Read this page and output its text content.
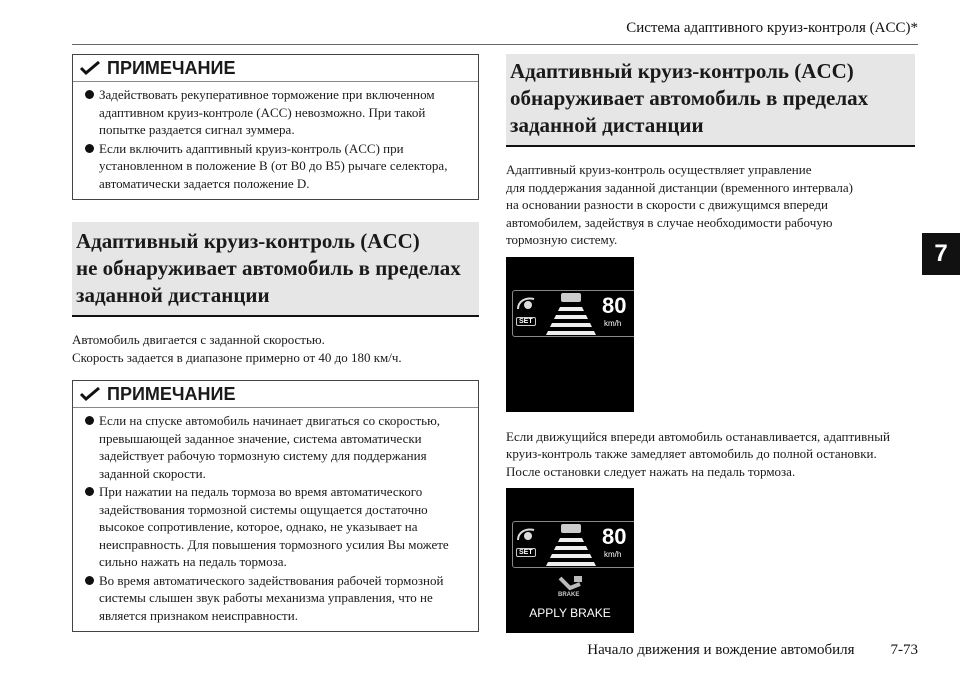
Система адаптивного круиз-контроля (ACC)*
7
ПРИМЕЧАНИЕ
Задействовать рекуперативное торможение при включенном адаптивном круиз-контроле (ACC) невозможно. При такой попытке раздается сигнал зуммера.
Если включить адаптивный круиз-контроль (ACC) при установленном в положение B (от B0 до B5) рычаге селектора, автоматически задается положение D.
Адаптивный круиз-контроль (ACC)
не обнаруживает автомобиль в пределах
заданной дистанции
Автомобиль двигается с заданной скоростью.
Скорость задается в диапазоне примерно от 40 до 180 км/ч.
ПРИМЕЧАНИЕ
Если на спуске автомобиль начинает двигаться со скоростью, превышающей заданное значение, система автоматически задействует рабочую тормозную систему для поддержания заданной скорости.
При нажатии на педаль тормоза во время автоматического задействования тормозной системы ощущается достаточно высокое сопротивление, которое, однако, не указывает на неисправность. Для повышения тормозного усилия Вы можете сильно нажать на педаль тормоза.
Во время автоматического задействования рабочей тормозной системы слышен звук работы механизма управления, что не является признаком неисправности.
Адаптивный круиз-контроль (ACC)
обнаруживает автомобиль в пределах
заданной дистанции
Адаптивный круиз-контроль осуществляет управление
для поддержания заданной дистанции (временного интервала)
на основании разности в скорости с движущимся впереди
автомобилем, задействуя в случае необходимости рабочую
тормозную систему.
SET
80
km/h
Если движущийся впереди автомобиль останавливается, адаптивный
круиз-контроль также замедляет автомобиль до полной остановки.
После остановки следует нажать на педаль тормоза.
SET
80
km/h
BRAKE
APPLY BRAKE
Начало движения и вождение автомобиля 7-73
